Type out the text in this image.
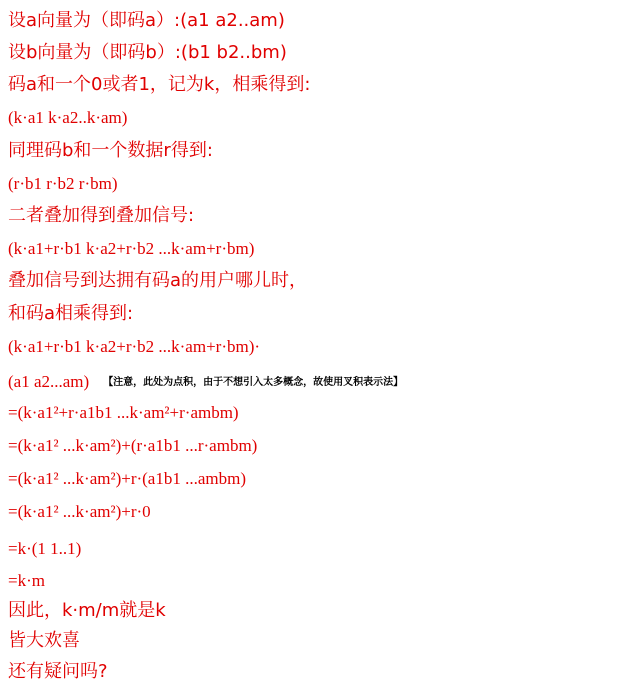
设a向量为（即码a）:(a1 a2..am)
设b向量为（即码b）:(b1 b2..bm)
码a和一个0或者1，记为k，相乘得到:
(k·a1 k·a2..k·am)
同理码b和一个数据r得到:
(r·b1 r·b2 r·bm)
二者叠加得到叠加信号:
(k·a1+r·b1 k·a2+r·b2 ...k·am+r·bm)
叠加信号到达拥有码a的用户哪儿时，
和码a相乘得到:
(k·a1+r·b1 k·a2+r·b2 ...k·am+r·bm)·
(a1 a2...am) 【注意，此处为点积，由于不想引入太多概念，故使用叉积表示法】
=(k·a1²+r·a1b1 ...k·am²+r·ambm)
=(k·a1² ...k·am²)+(r·a1b1 ...r·ambm)
=(k·a1² ...k·am²)+r·(a1b1 ...ambm)
=(k·a1² ...k·am²)+r·0
=k·(1 1..1)
=k·m
因此，k·m/m就是k
皆大欢喜
还有疑问吗?
